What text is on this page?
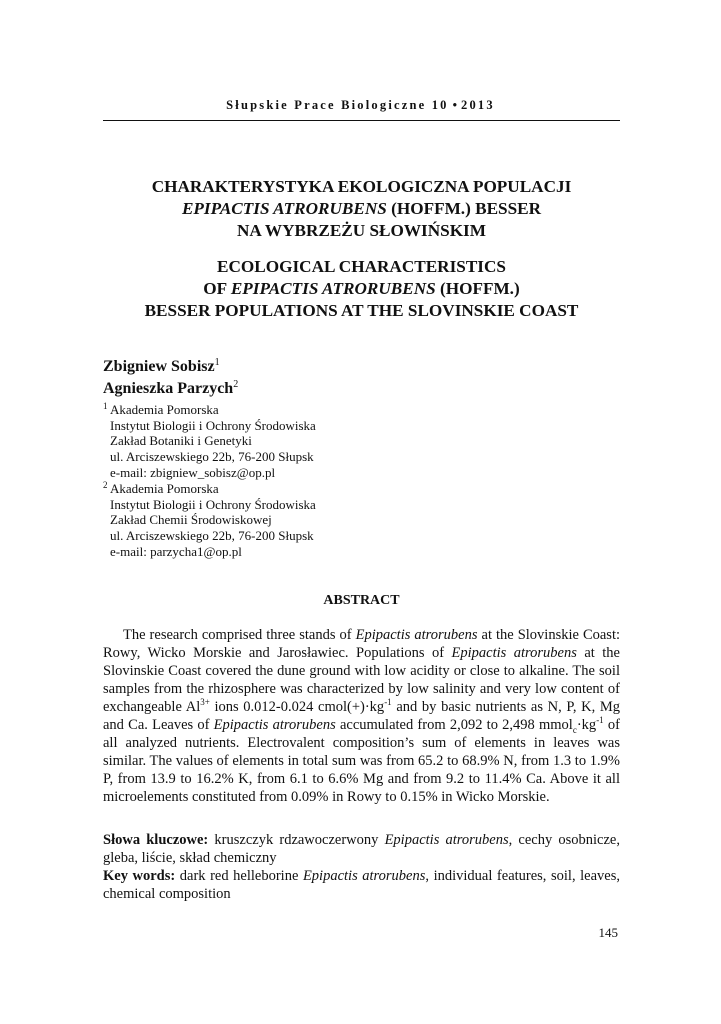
Słupskie Prace Biologiczne 10 • 2013
CHARAKTERYSTYKA EKOLOGICZNA POPULACJI
EPIPACTIS ATRORUBENS (HOFFM.) BESSER
NA WYBRZEŻU SŁOWIŃSKIM
ECOLOGICAL CHARACTERISTICS
OF EPIPACTIS ATRORUBENS (HOFFM.)
BESSER POPULATIONS AT THE SLOVINSKIE COAST
Zbigniew Sobisz$^1$
Agnieszka Parzych$^2$
1 Akademia Pomorska
Instytut Biologii i Ochrony Środowiska
Zakład Botaniki i Genetyki
ul. Arciszewskiego 22b, 76-200 Słupsk
e-mail: zbigniew_sobisz@op.pl
2 Akademia Pomorska
Instytut Biologii i Ochrony Środowiska
Zakład Chemii Środowiskowej
ul. Arciszewskiego 22b, 76-200 Słupsk
e-mail: parzycha1@op.pl
ABSTRACT
The research comprised three stands of Epipactis atrorubens at the Slovinskie Coast: Rowy, Wicko Morskie and Jarosławiec. Populations of Epipactis atrorubens at the Slovinskie Coast covered the dune ground with low acidity or close to alkaline. The soil samples from the rhizosphere was characterized by low salinity and very low content of exchangeable $Al^{3+}$ ions 0.012-0.024 $cmol(+)\cdot kg^{-1}$ and by basic nutrients as N, P, K, Mg and Ca. Leaves of Epipactis atrorubens accumulated from 2,092 to 2,498 $mmol_c\cdot kg^{-1}$ of all analyzed nutrients. Electrovalent composition’s sum of elements in leaves was similar. The values of elements in total sum was from 65.2 to 68.9% N, from 1.3 to 1.9% P, from 13.9 to 16.2% K, from 6.1 to 6.6% Mg and from 9.2 to 11.4% Ca. Above it all microelements constituted from 0.09% in Rowy to 0.15% in Wicko Morskie.

Słowa kluczowe: kruszczyk rdzawoczerwony Epipactis atrorubens, cechy osobnicze, gleba, liście, skład chemiczny

Key words: dark red helleborine Epipactis atrorubens, individual features, soil, leaves, chemical composition

145
